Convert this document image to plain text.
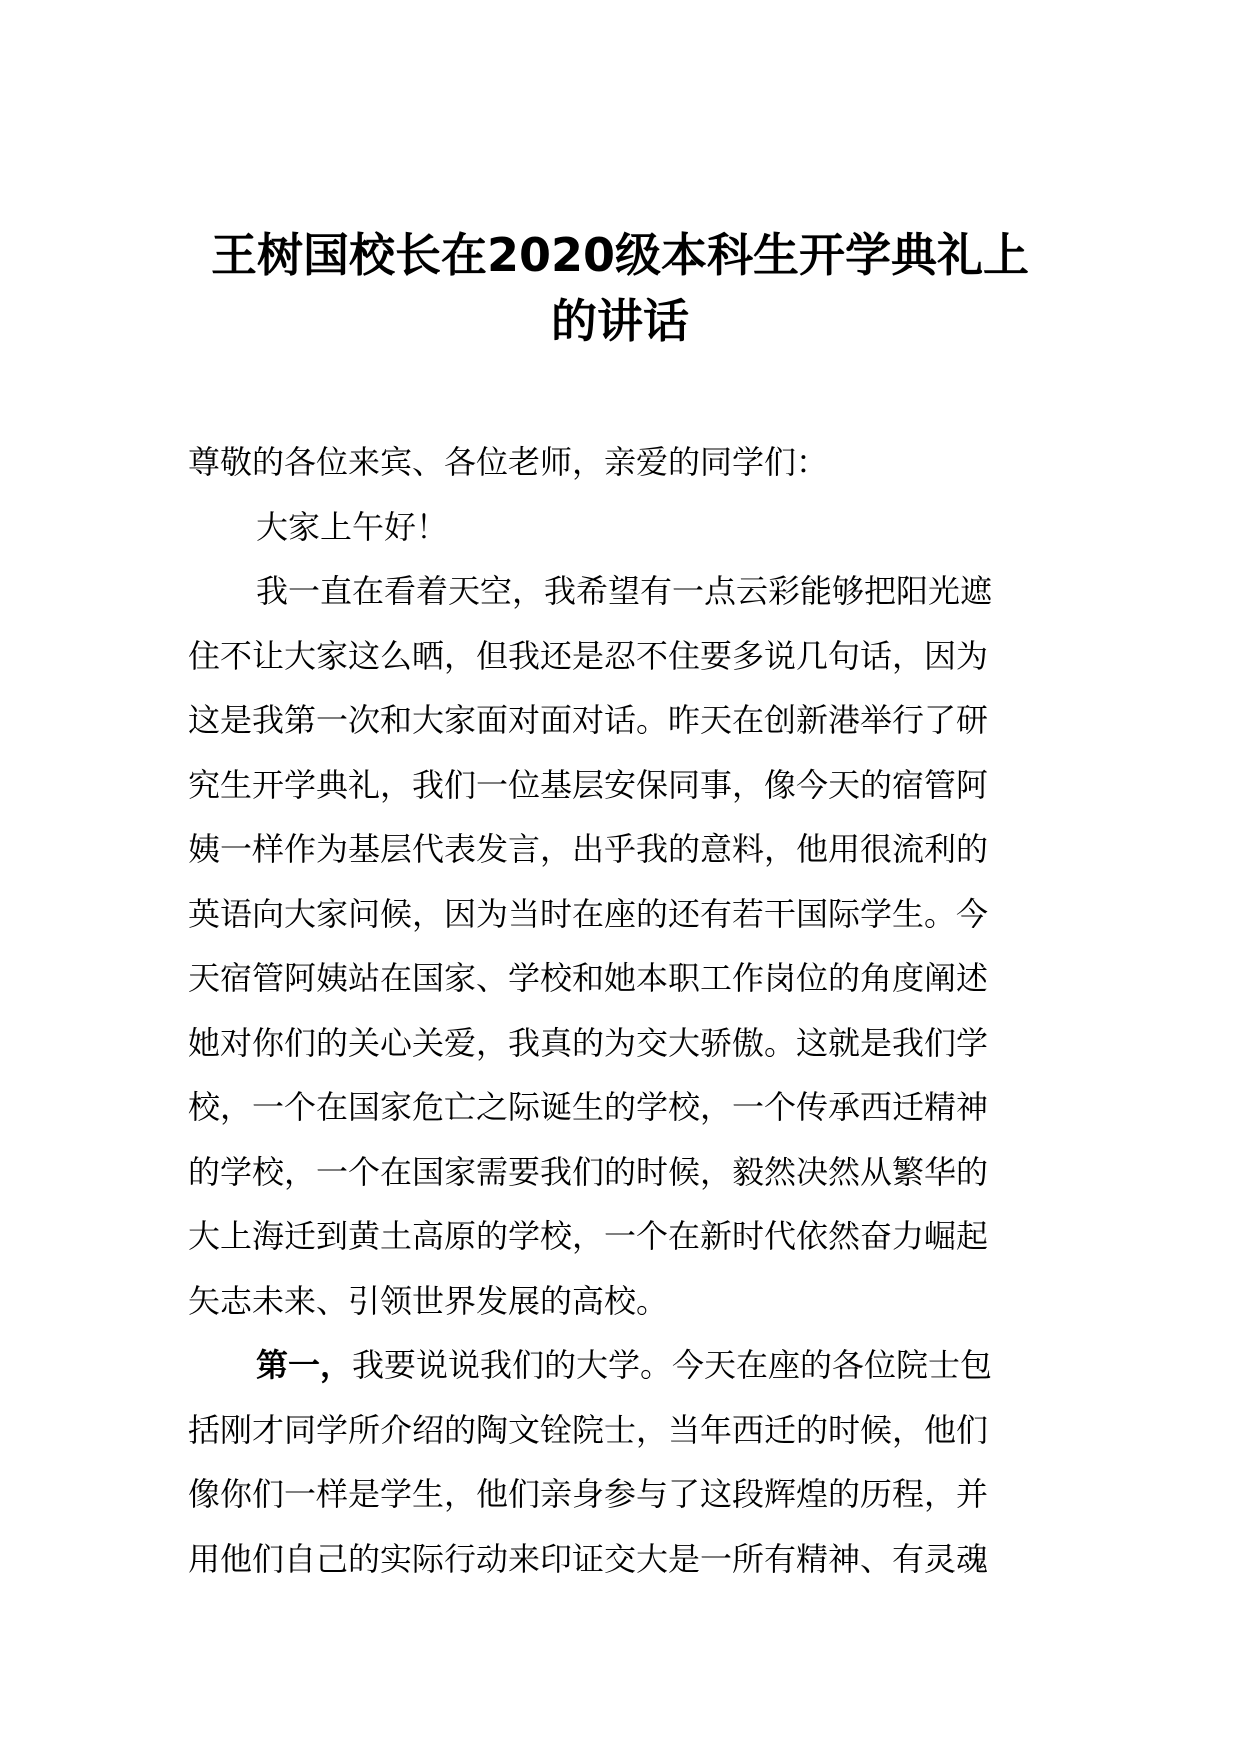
王树国校长在2020级本科生开学典礼上
的讲话
尊敬的各位来宾、各位老师，亲爱的同学们：
大家上午好！
我一直在看着天空，我希望有一点云彩能够把阳光遮
住不让大家这么晒，但我还是忍不住要多说几句话，因为
这是我第一次和大家面对面对话。昨天在创新港举行了研
究生开学典礼，我们一位基层安保同事，像今天的宿管阿
姨一样作为基层代表发言，出乎我的意料，他用很流利的
英语向大家问候，因为当时在座的还有若干国际学生。今
天宿管阿姨站在国家、学校和她本职工作岗位的角度阐述
她对你们的关心关爱，我真的为交大骄傲。这就是我们学
校，一个在国家危亡之际诞生的学校，一个传承西迁精神
的学校，一个在国家需要我们的时候，毅然决然从繁华的
大上海迁到黄土高原的学校，一个在新时代依然奋力崛起
矢志未来、引领世界发展的高校。
第一，我要说说我们的大学。今天在座的各位院士包
括刚才同学所介绍的陶文铨院士，当年西迁的时候，他们
像你们一样是学生，他们亲身参与了这段辉煌的历程，并
用他们自己的实际行动来印证交大是一所有精神、有灵魂
